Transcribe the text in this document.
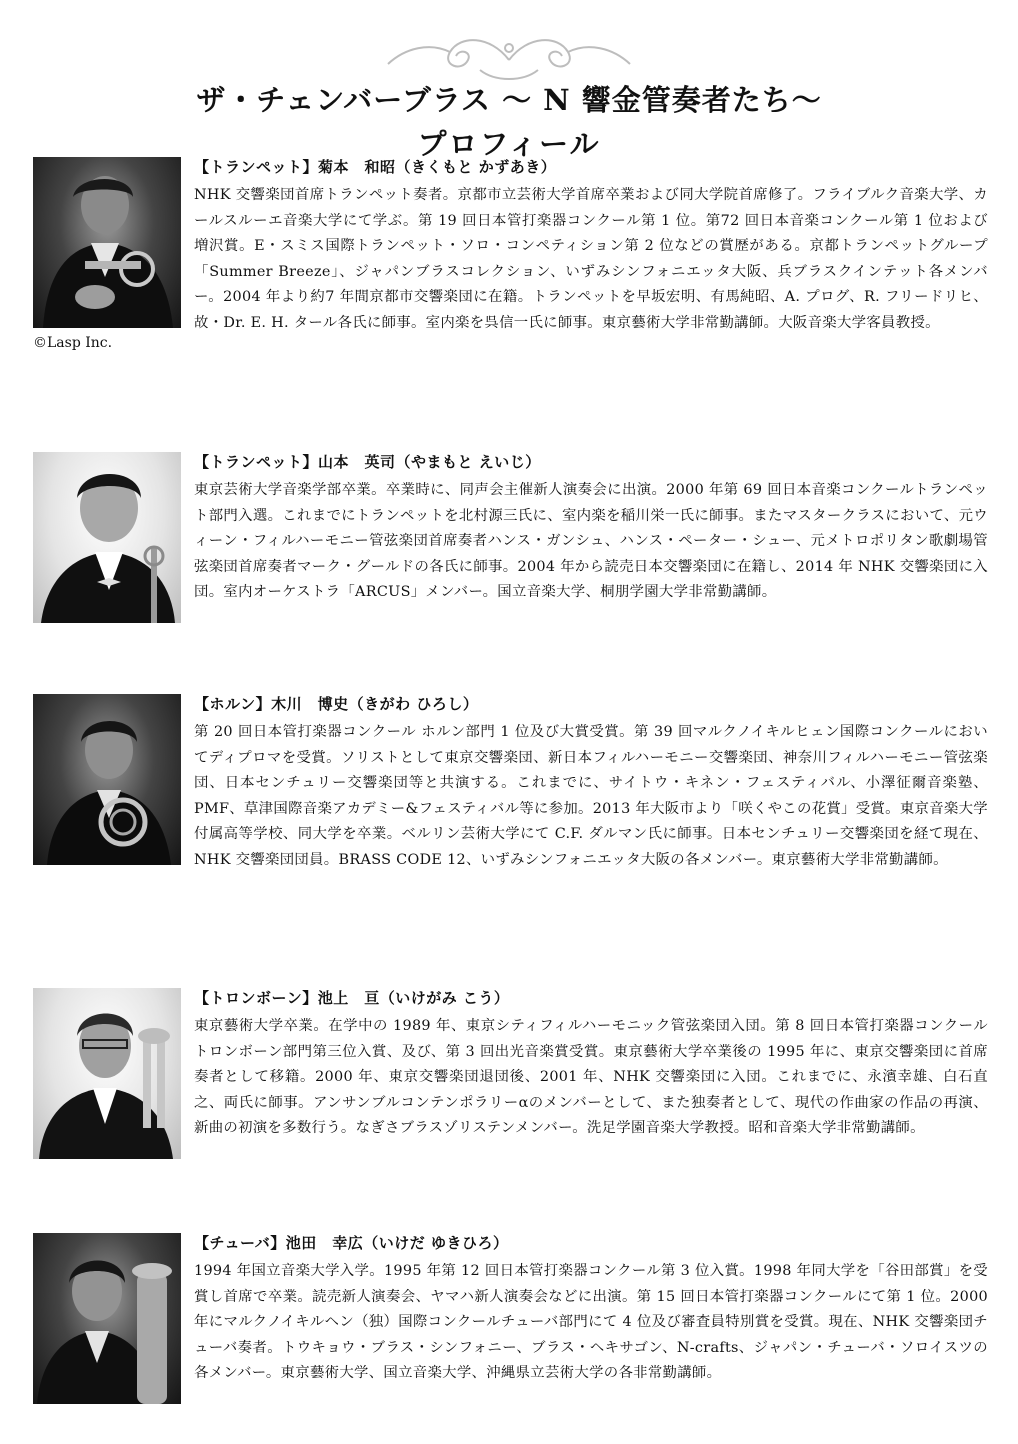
ザ・チェンバーブラス 〜 N 響金管奏者たち〜
プロフィール
©Lasp Inc.
【トランペット】菊本　和昭（きくもと かずあき）

NHK 交響楽団首席トランペット奏者。京都市立芸術大学首席卒業および同大学院首席修了。フライブルク音楽大学、カールスルーエ音楽大学にて学ぶ。第 19 回日本管打楽器コンクール第 1 位。第72 回日本音楽コンクール第 1 位および増沢賞。E・スミス国際トランペット・ソロ・コンペティション第 2 位などの賞歴がある。京都トランペットグループ「Summer Breeze」、ジャパンブラスコレクション、いずみシンフォニエッタ大阪、兵ブラスクインテット各メンバー。2004 年より約7 年間京都市交響楽団に在籍。トランペットを早坂宏明、有馬純昭、A. プログ、R. フリードリヒ、故・Dr. E. H. タール各氏に師事。室内楽を呉信一氏に師事。東京藝術大学非常勤講師。大阪音楽大学客員教授。

【トランペット】山本　英司（やまもと えいじ）

東京芸術大学音楽学部卒業。卒業時に、同声会主催新人演奏会に出演。2000 年第 69 回日本音楽コンクールトランペット部門入選。これまでにトランペットを北村源三氏に、室内楽を稲川栄一氏に師事。またマスタークラスにおいて、元ウィーン・フィルハーモニー管弦楽団首席奏者ハンス・ガンシュ、ハンス・ペーター・シュー、元メトロポリタン歌劇場管弦楽団首席奏者マーク・グールドの各氏に師事。2004 年から読売日本交響楽団に在籍し、2014 年 NHK 交響楽団に入団。室内オーケストラ「ARCUS」メンバー。国立音楽大学、桐朋学園大学非常勤講師。

【ホルン】木川　博史（きがわ ひろし）

第 20 回日本管打楽器コンクール ホルン部門 1 位及び大賞受賞。第 39 回マルクノイキルヒェン国際コンクールにおいてディプロマを受賞。ソリストとして東京交響楽団、新日本フィルハーモニー交響楽団、神奈川フィルハーモニー管弦楽団、日本センチュリー交響楽団等と共演する。これまでに、サイトウ・キネン・フェスティバル、小澤征爾音楽塾、PMF、草津国際音楽アカデミー&フェスティバル等に参加。2013 年大阪市より「咲くやこの花賞」受賞。東京音楽大学付属高等学校、同大学を卒業。ベルリン芸術大学にて C.F. ダルマン氏に師事。日本センチュリー交響楽団を経て現在、NHK 交響楽団団員。BRASS CODE 12、いずみシンフォニエッタ大阪の各メンバー。東京藝術大学非常勤講師。

【トロンボーン】池上　亘（いけがみ こう）

東京藝術大学卒業。在学中の 1989 年、東京シティフィルハーモニック管弦楽団入団。第 8 回日本管打楽器コンクールトロンボーン部門第三位入賞、及び、第 3 回出光音楽賞受賞。東京藝術大学卒業後の 1995 年に、東京交響楽団に首席奏者として移籍。2000 年、東京交響楽団退団後、2001 年、NHK 交響楽団に入団。これまでに、永濱幸雄、白石直之、両氏に師事。アンサンブルコンテンポラリーαのメンバーとして、また独奏者として、現代の作曲家の作品の再演、新曲の初演を多数行う。なぎさブラスゾリステンメンバー。洗足学園音楽大学教授。昭和音楽大学非常勤講師。

【チューバ】池田　幸広（いけだ ゆきひろ）

1994 年国立音楽大学入学。1995 年第 12 回日本管打楽器コンクール第 3 位入賞。1998 年同大学を「谷田部賞」を受賞し首席で卒業。読売新人演奏会、ヤマハ新人演奏会などに出演。第 15 回日本管打楽器コンクールにて第 1 位。2000 年にマルクノイキルヘン（独）国際コンクールチューバ部門にて 4 位及び審査員特別賞を受賞。現在、NHK 交響楽団チューバ奏者。トウキョウ・ブラス・シンフォニー、ブラス・ヘキサゴン、N-crafts、ジャパン・チューバ・ソロイスツの各メンバー。東京藝術大学、国立音楽大学、沖縄県立芸術大学の各非常勤講師。
